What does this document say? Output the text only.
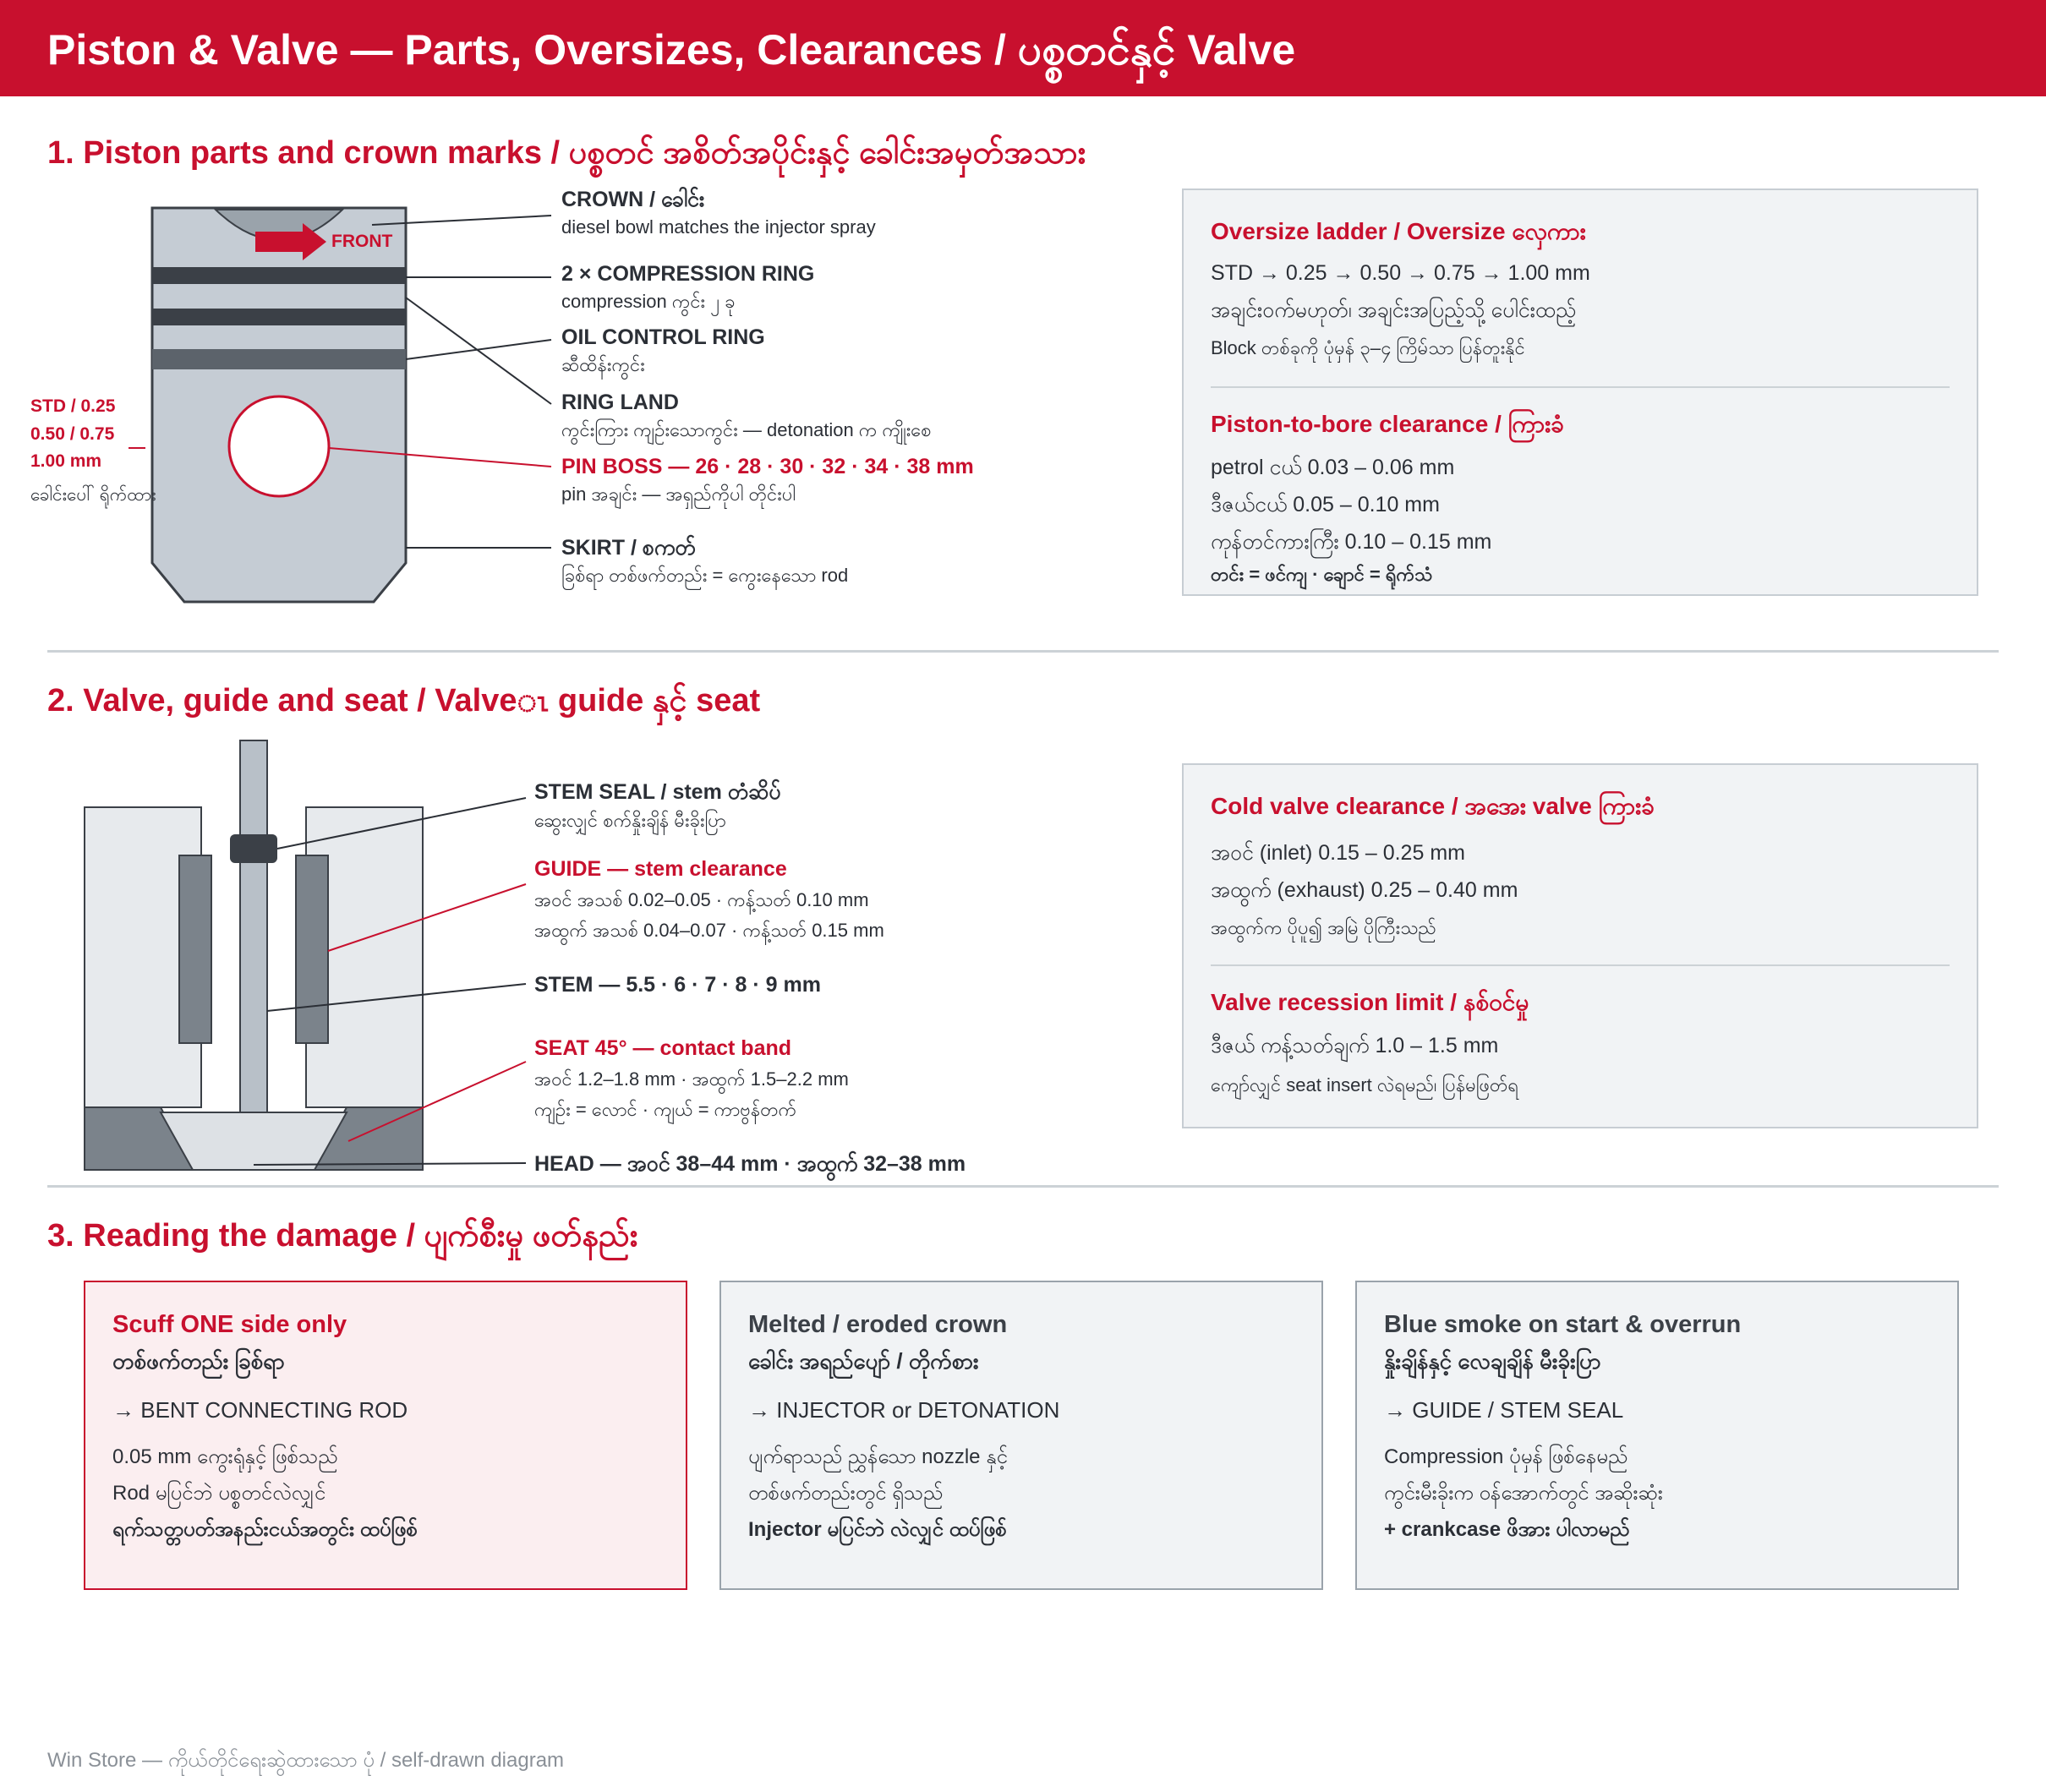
Piston & Valve — Parts, Oversizes, Clearances / ပစ္စတင်နှင့် Valve
1. Piston parts and crown marks / ပစ္စတင် အစိတ်အပိုင်းနှင့် ခေါင်းအမှတ်အသား
FRONT
STD / 0.25
0.50 / 0.75
1.00 mm
ခေါင်းပေါ် ရိုက်ထား
CROWN / ခေါင်း
diesel bowl matches the injector spray
2 × COMPRESSION RING
compression ကွင်း ၂ ခု
OIL CONTROL RING
ဆီထိန်းကွင်း
RING LAND
ကွင်းကြား ကျဉ်းသောကွင်း — detonation က ကျိုးစေ
PIN BOSS — 26 · 28 · 30 · 32 · 34 · 38 mm
pin အချင်း — အရှည်ကိုပါ တိုင်းပါ
SKIRT / စကတ်
ခြစ်ရာ တစ်ဖက်တည်း = ကွေးနေသော rod
Oversize ladder / Oversize လှေကား
STD → 0.25 → 0.50 → 0.75 → 1.00 mm
အချင်းဝက်မဟုတ်၊ အချင်းအပြည့်သို့ ပေါင်းထည့်
Block တစ်ခုကို ပုံမှန် ၃–၄ ကြိမ်သာ ပြန်တူးနိုင်
Piston-to-bore clearance / ကြားခံ
petrol ငယ် 0.03 – 0.06 mm
ဒီဇယ်ငယ် 0.05 – 0.10 mm
ကုန်တင်ကားကြီး 0.10 – 0.15 mm
တင်း = ဖင်ကျ · ချောင် = ရိုက်သံ
2. Valve, guide and seat / Valveၤ guide နှင့် seat
STEM SEAL / stem တံဆိပ်
ဆွေးလျှင် စက်နှိုးချိန် မီးခိုးပြာ
GUIDE — stem clearance
အဝင် အသစ် 0.02–0.05 · ကန့်သတ် 0.10 mm
အထွက် အသစ် 0.04–0.07 · ကန့်သတ် 0.15 mm
STEM — 5.5 · 6 · 7 · 8 · 9 mm
SEAT 45° — contact band
အဝင် 1.2–1.8 mm · အထွက် 1.5–2.2 mm
ကျဉ်း = လောင် · ကျယ် = ကာဗွန်တက်
HEAD — အဝင် 38–44 mm · အထွက် 32–38 mm
Cold valve clearance / အအေး valve ကြားခံ
အဝင် (inlet) 0.15 – 0.25 mm
အထွက် (exhaust) 0.25 – 0.40 mm
အထွက်က ပိုပူ၍ အမြဲ ပိုကြီးသည်
Valve recession limit / နစ်ဝင်မှု
ဒီဇယ် ကန့်သတ်ချက် 1.0 – 1.5 mm
ကျော်လျှင် seat insert လဲရမည်၊ ပြန်မဖြတ်ရ
3. Reading the damage / ပျက်စီးမှု ဖတ်နည်း
Scuff ONE side only
တစ်ဖက်တည်း ခြစ်ရာ
→ BENT CONNECTING ROD
0.05 mm ကွေးရုံနှင့် ဖြစ်သည်
Rod မပြင်ဘဲ ပစ္စတင်လဲလျှင်
ရက်သတ္တပတ်အနည်းငယ်အတွင်း ထပ်ဖြစ်
Melted / eroded crown
ခေါင်း အရည်ပျော် / တိုက်စား
→ INJECTOR or DETONATION
ပျက်ရာသည် ညွှန်သော nozzle နှင့်
တစ်ဖက်တည်းတွင် ရှိသည်
Injector မပြင်ဘဲ လဲလျှင် ထပ်ဖြစ်
Blue smoke on start & overrun
နှိုးချိန်နှင့် လေချချိန် မီးခိုးပြာ
→ GUIDE / STEM SEAL
Compression ပုံမှန် ဖြစ်နေမည်
ကွင်းမီးခိုးက ဝန်အောက်တွင် အဆိုးဆုံး
+ crankcase ဖိအား ပါလာမည်
Win Store — ကိုယ်တိုင်ရေးဆွဲထားသော ပုံ / self-drawn diagram
